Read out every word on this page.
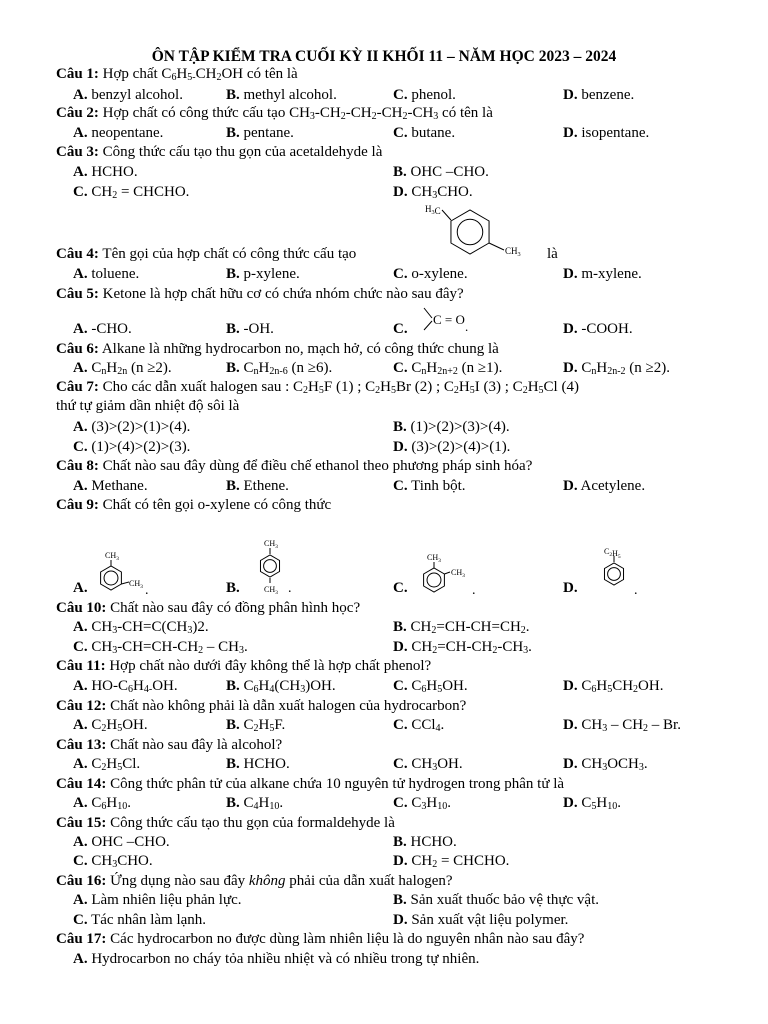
ÔN TẬP KIỂM TRA CUỐI KỲ II KHỐI 11 – NĂM HỌC 2023 – 2024
Câu 1: Hợp chất $C_6H_{5-}CH_2OH$ có tên là
A. benzyl alcohol.	B. methyl alcohol.	C. phenol.	D. benzene.
Câu 2: Hợp chất có công thức cấu tạo $CH_3-CH_2-CH_2-CH_2-CH_3$ có tên là
A. neopentane.	B. pentane.	C. butane.	D. isopentane.
Câu 3: Công thức cấu tạo thu gọn của acetaldehyde là
A. HCHO.	B. OHC –CHO.
C. $CH_2$ = CHCHO.	D. $CH_3CHO$.
Câu 4: Tên gọi của hợp chất có công thức cấu tạo	là
A. toluene.	B. p-xylene.	C. o-xylene.	D. m-xylene.
Câu 5: Ketone là hợp chất hữu cơ có chứa nhóm chức nào sau đây?
A. -CHO.	B. -OH.	C.	D. -COOH.
Câu 6: Alkane là những hydrocarbon no, mạch hở, có công thức chung là
A. $C_nH_{2n}$ (n ≥2).	B. $C_nH_{2n-6}$ (n ≥6).	C. $C_nH_{2n+2}$ (n ≥1).	D. $C_nH_{2n-2}$ (n ≥2).
Câu 7: Cho các dẫn xuất halogen sau : $C_2H_5F$ (1) ; $C_2H_5Br$ (2) ; $C_2H_5I$ (3) ; $C_2H_5Cl$ (4)
thứ tự giảm dần nhiệt độ sôi là
A. (3)>(2)>(1)>(4).	B. (1)>(2)>(3)>(4).
C. (1)>(4)>(2)>(3).	D. (3)>(2)>(4)>(1).
Câu 8: Chất nào sau đây dùng để điều chế ethanol theo phương pháp sinh hóa?
A. Methane.	B. Ethene.	C. Tinh bột.	D. Acetylene.
Câu 9: Chất có tên gọi o-xylene có công thức
A.	B.	C.	D.
Câu 10: Chất nào sau đây có đồng phân hình học?
A. $CH_3-CH=C(CH_3)2$.	B. $CH_2=CH-CH=CH_2$.
C. $CH_3-CH=CH-CH_2 - CH_3$.	D. $CH_2=CH-CH_2-CH_3$.
Câu 11: Hợp chất nào dưới đây không thể là hợp chất phenol?
A. $HO-C_6H_{4-}OH$.	B. $C_6H_4(CH_3)OH$.	C. $C_6H_5OH$.	D. $C_6H_5CH_2OH$.
Câu 12: Chất nào không phải là dẫn xuất halogen của hydrocarbon?
A. $C_2H_5OH$.	B. $C_2H_5F$.	C. CCl$_4$.	D. $CH_3 - CH_2$ – Br.
Câu 13: Chất nào sau đây là alcohol?
A. $C_2H_5Cl$.	B. HCHO.	C. $CH_3OH$.	D. $CH_3OCH_3$.
Câu 14: Công thức phân tử của alkane chứa 10 nguyên tử hydrogen trong phân tử là
A. $C_6H_{10}$.	B. $C_4H_{10}$.	C. $C_3H_{10}$.	D. $C_5H_{10}$.
Câu 15: Công thức cấu tạo thu gọn của formaldehyde là
A. OHC –CHO.	B. HCHO.
C. $CH_3CHO$.	D. $CH_2$ = CHCHO.
Câu 16: Ứng dụng nào sau đây không phải của dẫn xuất halogen?
A. Làm nhiên liệu phản lực.	B. Sản xuất thuốc bảo vệ thực vật.
C. Tác nhân làm lạnh.	D. Sản xuất vật liệu polymer.
Câu 17: Các hydrocarbon no được dùng làm nhiên liệu là do nguyên nhân nào sau đây?
A. Hydrocarbon no cháy tỏa nhiều nhiệt và có nhiều trong tự nhiên.
$H_3C$
$CH_3$
C = O .
$CH_3$
$CH_3$ .
$CH_3$
$CH_3$ .
$CH_3$
$CH_3$
.
$C_2H_5$
.
